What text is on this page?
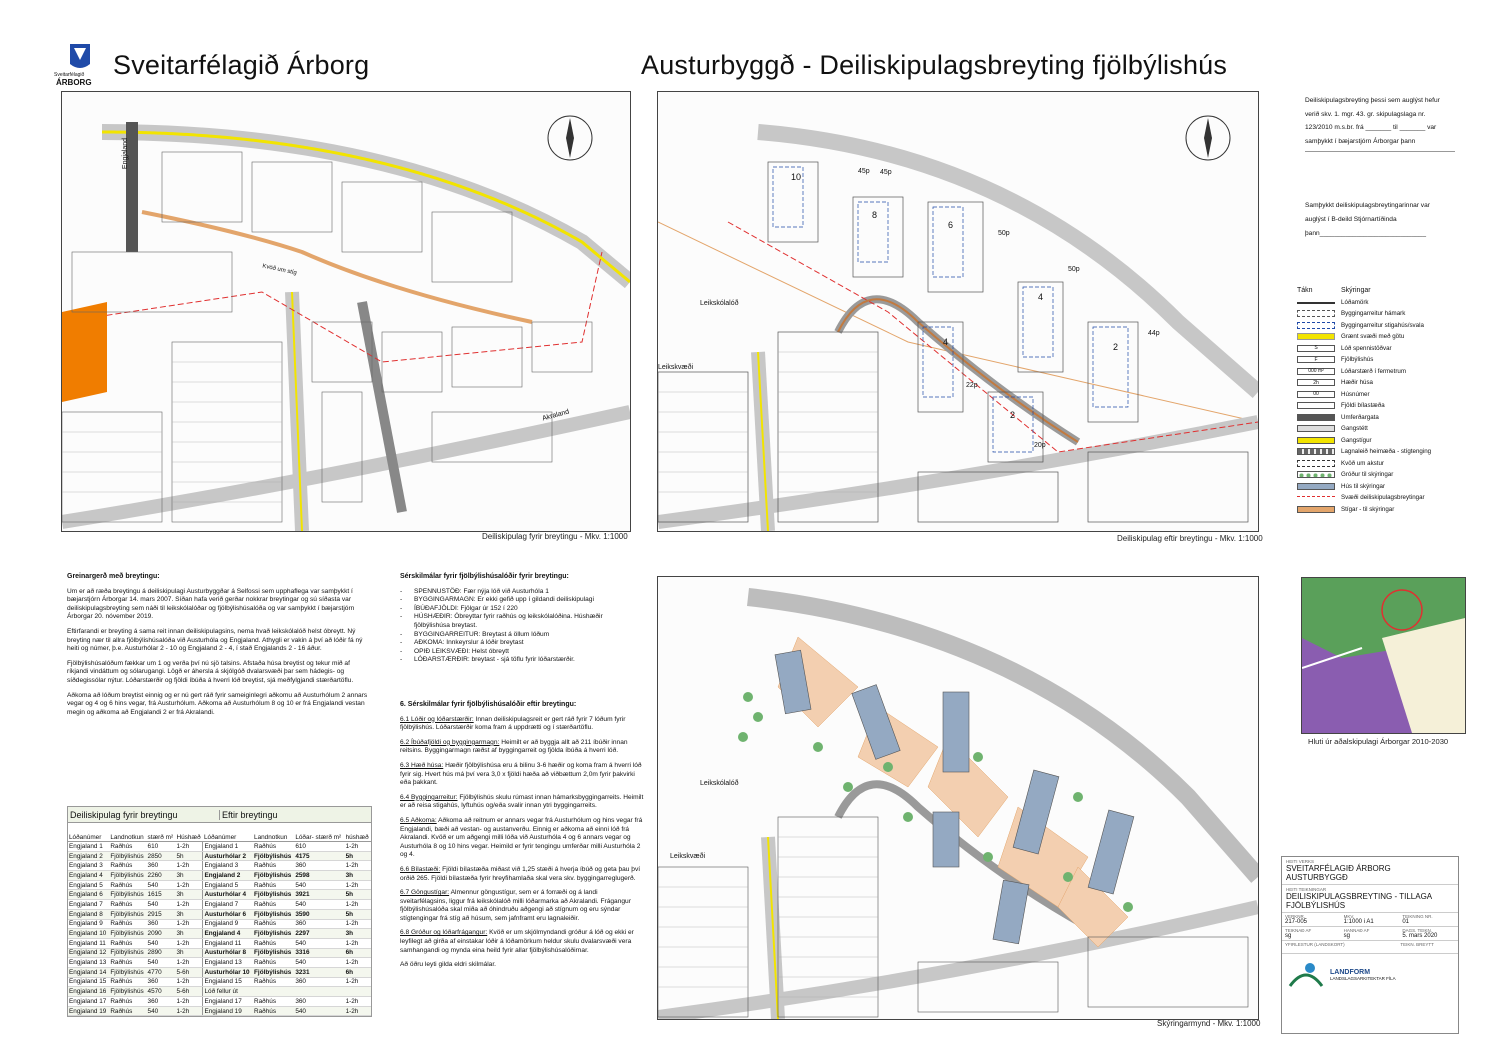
Sveitarfélagið
ÁRBORG
Sveitarfélagið Árborg	Austurbyggð - Deiliskipulagsbreyting fjölbýlishús
Engjaland
Akraland
Kvöð um stíg
Deiliskipulag fyrir breytingu - Mkv. 1:1000
Leikskólalóð
Leikskvæði
10
8
6
4
4	2
2
45p 45p
50p
50p
44p
22p
20p
Deiliskipulag eftir breytingu - Mkv. 1:1000
Leikskólalóð
Leikskvæði
Skýringarmynd - Mkv. 1:1000
Hluti úr aðalskipulagi Árborgar 2010-2030
Deiliskipulagsbreyting þessi sem auglýst hefur
verið skv. 1. mgr. 43. gr. skipulagslaga nr.
123/2010 m.s.br. frá _______ til _______ var
samþykkt í bæjarstjórn Árborgar þann
Samþykkt deiliskipulagsbreytingarinnar var
auglýst í B-deild Stjórnartíðinda
þann_____________________________
Tákn	Skýringar
Lóðamörk
Byggingarreitur hámark
Byggingarreitur stigahús/svala
Grænt svæði með götu
S	Lóð spennistöðvar
F	Fjölbýlishús
000 m²	Lóðarstærð í fermetrum
2h	Hæðir húsa
00	Húsnúmer
Fjöldi bílastæða
Umferðargata
Gangstétt
Gangstígur
Lagnaleið heimæða - stígtenging
Kvöð um akstur
Gróður til skýringar
Hús til skýringar
Svæði deiliskipulagsbreytingar
Stígar - til skýringar
Greinargerð með breytingu:

Um er að ræða breytingu á deiliskipulagi Austurbyggðar á Selfossi sem upphaflega var samþykkt í bæjarstjórn Árborgar 14. mars 2007. Síðan hafa verið gerðar nokkrar breytingar og sú síðasta var deiliskipulagsbreyting sem náði til leikskólalóðar og fjölbýlishúsalóða og var samþykkt í bæjarstjórn Árborgar 20. nóvember 2019.

Eftirfarandi er breyting á sama reit innan deiliskipulagsins, nema hvað leikskólalóð helst óbreytt. Ný breyting nær til allra fjölbýlishúsalóða við Austurhóla og Engjaland. Athygli er vakin á því að lóðir fá ný heiti og númer, þ.e. Austurhólar 2 - 10 og Engjaland 2 - 4, í stað Engjalands 2 - 16 áður.

Fjölbýlishúsalóðum fækkar um 1 og verða því nú sjö talsins. Afstaða húsa breytist og tekur mið af ríkjandi vindáttum og sólarugangi. Lögð er áhersla á skjólgóð dvalarsvæði þar sem hádegis- og síðdegissólar nýtur. Lóðarstærðir og fjöldi íbúða á hverri lóð breytist, sjá meðfylgjandi stærðartöflu.

Aðkoma að lóðum breytist einnig og er nú gert ráð fyrir sameiginlegri aðkomu að Austurhólum 2 annars vegar og 4 og 6 hins vegar, frá Austurhólum. Aðkoma að Austurhólum 8 og 10 er frá Engjalandi vestan megin og aðkoma að Engjalandi 2 er frá Akralandi.

Sérskilmálar fyrir fjölbýlishúsalóðir fyrir breytingu:
-	SPENNUSTÖÐ: Fær nýja lóð við Austurhóla 1
-	BYGGINGARMAGN: Er ekki gefið upp í gildandi deiliskipulagi
-	ÍBÚÐAFJÖLDI: Fjölgar úr 152 í 220
-	HÚSHÆÐIR: Óbreyttar fyrir raðhús og leikskólalóðina. Húshæðir fjölbýlishúsa breytast.
-	BYGGINGARREITUR: Breytast á öllum lóðum
-	AÐKOMA: Innkeyrslur á lóðir breytast
-	OPIÐ LEIKSVÆÐI: Helst óbreytt
-	LÓÐARSTÆRÐIR: breytast - sjá töflu fyrir lóðarstærðir.
6. Sérskilmálar fyrir fjölbýlishúsalóðir eftir breytingu:

6.1 Lóðir og lóðarstærðir: Innan deiliskipulagsreit er gert ráð fyrir 7 lóðum fyrir fjölbýlishús. Lóðarstærðir koma fram á uppdrætti og í stærðartöflu.

6.2 Íbúðafjöldi og byggingarmagn: Heimilt er að byggja allt að 211 íbúðir innan reitsins. Byggingarmagn ræðst af byggingarreit og fjölda íbúða á hverri lóð.

6.3 Hæð húsa: Hæðir fjölbýlishúsa eru á bilinu 3-6 hæðir og koma fram á hverri lóð fyrir sig. Hvert hús má því vera 3,0 x fjöldi hæða að viðbættum 2,0m fyrir þakvirki eða þakkant.

6.4 Byggingarreitur: Fjölbýlishús skulu rúmast innan hámarksbyggingarreits. Heimilt er að reisa stigahús, lyftuhús og/eða svalir innan ytri byggingarreits.

6.5 Aðkoma: Aðkoma að reitnum er annars vegar frá Austurhólum og hins vegar frá Engjalandi, bæði að vestan- og austanverðu. Einnig er aðkoma að einni lóð frá Akralandi. Kvöð er um aðgengi milli lóða við Austurhóla 4 og 6 annars vegar og Austurhóla 8 og 10 hins vegar. Heimild er fyrir tengingu umferðar milli Austurhóla 2 og 4.

6.6 Bílastæði: Fjöldi bílastæða miðast við 1,25 stæði á hverja íbúð og geta þau því orðið 265. Fjöldi bílastæða fyrir hreyfihamlaða skal vera skv. byggingarreglugerð.

6.7 Göngustígar: Almennur göngustígur, sem er á forræði og á landi sveitarfélagsins, liggur frá leikskólalóð milli lóðarmarka að Akralandi. Frágangur fjölbýlishúsalóða skal miða að óhindruðu aðgengi að stígnum og eru sýndar stígtengingar frá stíg að húsum, sem jafnframt eru lagnaleiðir.

6.8 Gróður og lóðarfrágangur: Kvöð er um skjólmyndandi gróður á lóð og ekki er leyfilegt að girða af einstakar lóðir á lóðamörkum heldur skulu dvalarsvæði vera samhangandi og mynda eina heild fyrir allar fjölbýlishúsalóðirnar.

Að öðru leyti gilda eldri skilmálar.

Deiliskipulag fyrir breytingu	Eftir breytingu
Lóðanúmer	Landnotkun	stærð m²	Húshæð	Lóðanúmer	Landnotkun	Lóðar- stærð m²	húshæð
Engjaland 1	Raðhús	610	1-2h	Engjaland 1	Raðhús	610	1-2h
Engjaland 2	Fjölbýlishús	2850	5h	Austurhólar 2	Fjölbýlishús	4175	5h
Engjaland 3	Raðhús	360	1-2h	Engjaland 3	Raðhús	360	1-2h
Engjaland 4	Fjölbýlishús	2260	3h	Engjaland 2	Fjölbýlishús	2598	3h
Engjaland 5	Raðhús	540	1-2h	Engjaland 5	Raðhús	540	1-2h
Engjaland 6	Fjölbýlishús	1615	3h	Austurhólar 4	Fjölbýlishús	3921	5h
Engjaland 7	Raðhús	540	1-2h	Engjaland 7	Raðhús	540	1-2h
Engjaland 8	Fjölbýlishús	2915	3h	Austurhólar 6	Fjölbýlishús	3590	5h
Engjaland 9	Raðhús	360	1-2h	Engjaland 9	Raðhús	360	1-2h
Engjaland 10	Fjölbýlishús	2090	3h	Engjaland 4	Fjölbýlishús	2297	3h
Engjaland 11	Raðhús	540	1-2h	Engjaland 11	Raðhús	540	1-2h
Engjaland 12	Fjölbýlishús	2890	3h	Austurhólar 8	Fjölbýlishús	3316	6h
Engjaland 13	Raðhús	540	1-2h	Engjaland 13	Raðhús	540	1-2h
Engjaland 14	Fjölbýlishús	4770	5-6h	Austurhólar 10	Fjölbýlishús	3231	6h
Engjaland 15	Raðhús	360	1-2h	Engjaland 15	Raðhús	360	1-2h
Engjaland 16	Fjölbýlishús	4570	5-6h	Lóð fellur út			
Engjaland 17	Raðhús	360	1-2h	Engjaland 17	Raðhús	360	1-2h
Engjaland 19	Raðhús	540	1-2h	Engjaland 19	Raðhús	540	1-2h
HEITI VERKS
SVEITARFÉLAGIÐ ÁRBORG
AUSTURBYGGÐ
HEITI TEIKNINGAR
DEILISKIPULAGSBREYTING - TILLAGA
FJÖLBÝLISHÚS
VERKNR.
217-005
MKV.
1:1000 i A1
TEIKNING NR.
01
TEIKNAÐ AF
sg
HANNAÐ AF
sg
DAGS. TEIKN.
5. mars 2020
YFIRLESTUR (LANDSKORT)	TEIKN. BREYTT
LANDFORM
LANDSLAGSARKITEKTAR FÍLA
